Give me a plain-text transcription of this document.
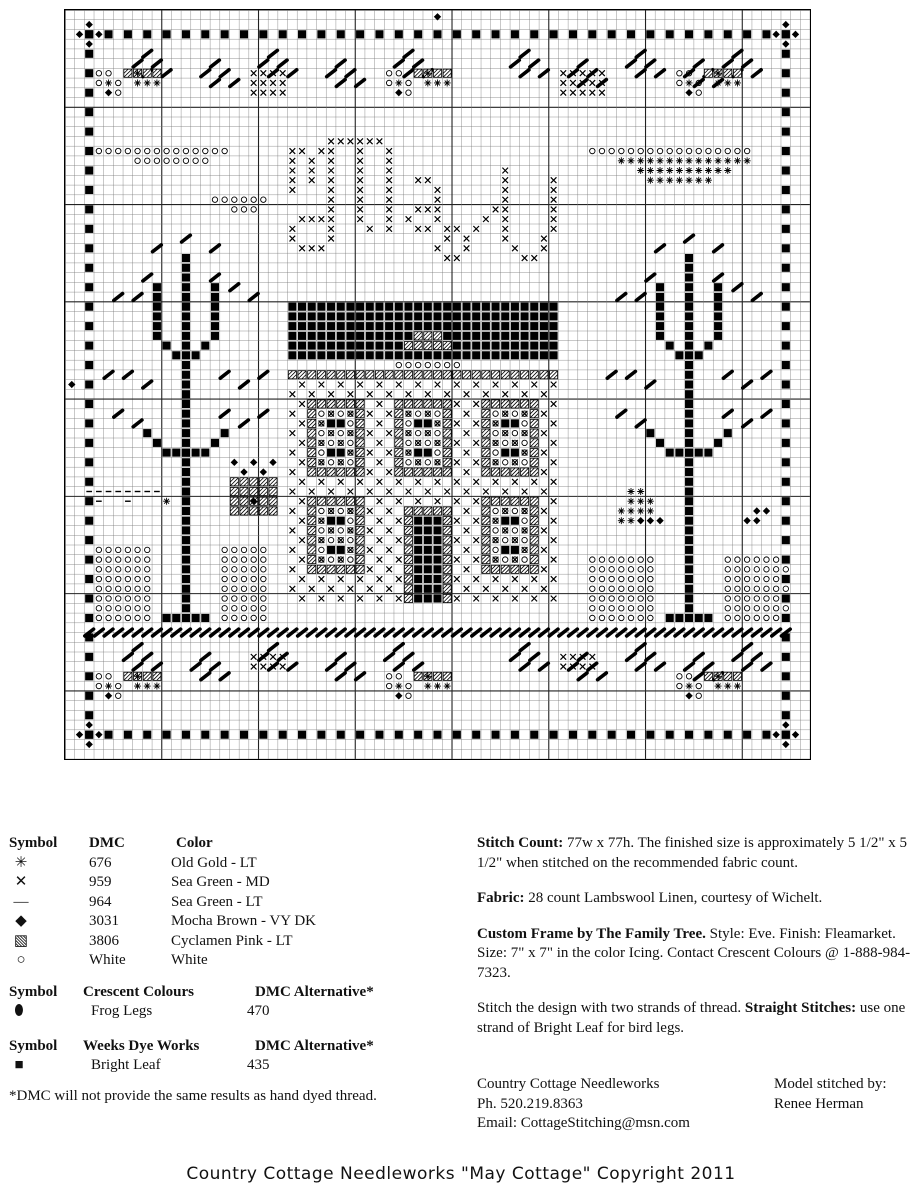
Symbol DMC	Color
✳	676	Old Gold - LT
✕	959	Sea Green - MD
—	964	Sea Green - LT
◆	3031	Mocha Brown - VY DK
▧	3806	Cyclamen Pink - LT
○	White	White
Symbol Crescent Colours	DMC Alternative*
⬮	Frog Legs	470
Symbol Weeks Dye Works	DMC Alternative*
■	Bright Leaf	435
*DMC will not provide the same results as hand dyed thread.

Stitch Count: 77w x 77h. The finished size is approximately 5 1/2" x 5 1/2" when stitched on the recommended fabric count.

Fabric: 28 count Lambswool Linen, courtesy of Wichelt.

Custom Frame by The Family Tree. Style: Eve. Finish: Fleamarket. Size: 7" x 7" in the color Icing. Contact Crescent Colours @ 1-888-984-7323.

Stitch the design with two strands of thread. Straight Stitches: use one strand of Bright Leaf for bird legs.

Country Cottage Needleworks
Ph. 520.219.8363
Email: CottageStitching@msn.com
Model stitched by:
Renee Herman
Country Cottage Needleworks "May Cottage" Copyright 2011
